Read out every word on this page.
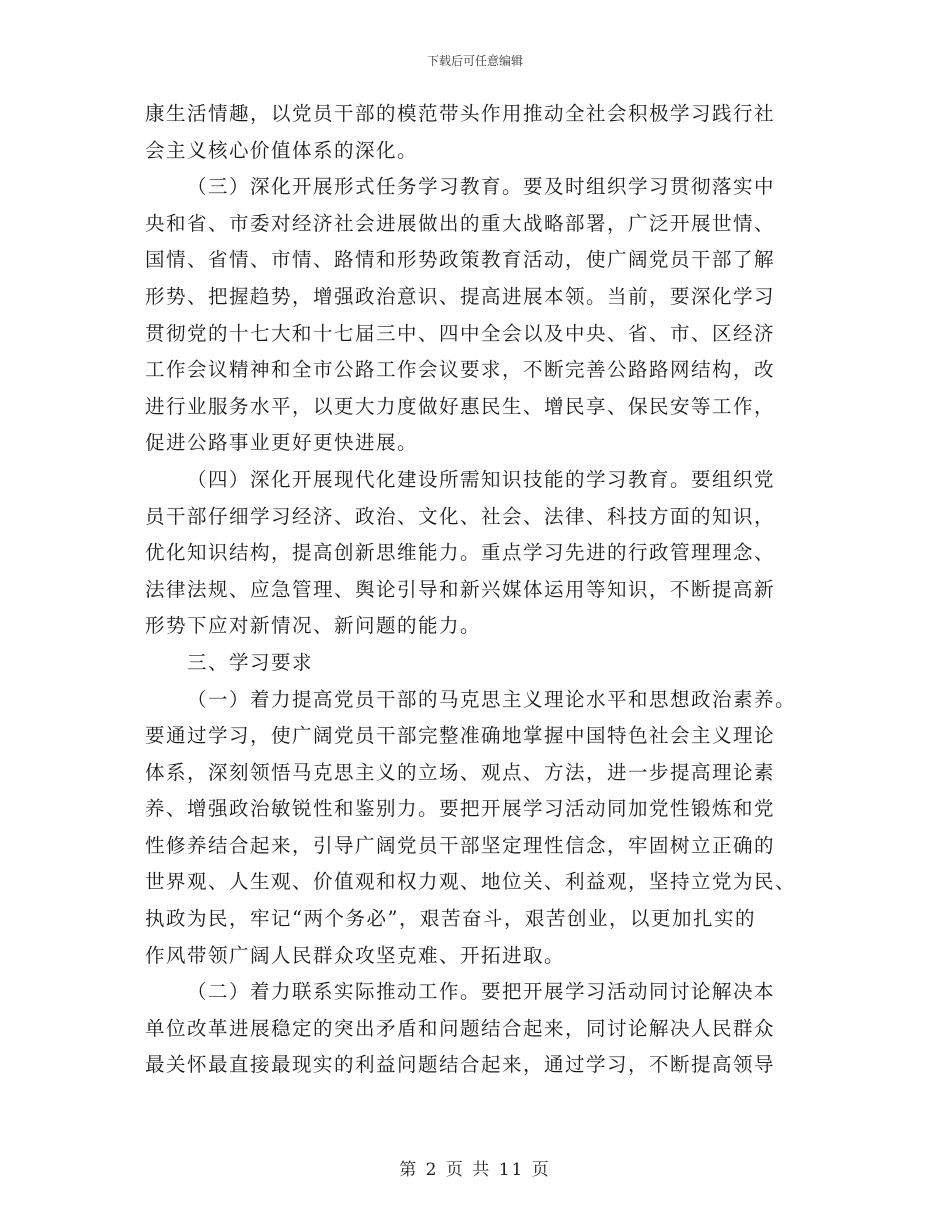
下载后可任意编辑
康生活情趣，以党员干部的模范带头作用推动全社会积极学习践行社
会主义核心价值体系的深化。
（三）深化开展形式任务学习教育。要及时组织学习贯彻落实中
央和省、市委对经济社会进展做出的重大战略部署，广泛开展世情、
国情、省情、市情、路情和形势政策教育活动，使广阔党员干部了解
形势、把握趋势，增强政治意识、提高进展本领。当前，要深化学习
贯彻党的十七大和十七届三中、四中全会以及中央、省、市、区经济
工作会议精神和全市公路工作会议要求，不断完善公路路网结构，改
进行业服务水平，以更大力度做好惠民生、增民享、保民安等工作，
促进公路事业更好更快进展。
（四）深化开展现代化建设所需知识技能的学习教育。要组织党
员干部仔细学习经济、政治、文化、社会、法律、科技方面的知识，
优化知识结构，提高创新思维能力。重点学习先进的行政管理理念、
法律法规、应急管理、舆论引导和新兴媒体运用等知识，不断提高新
形势下应对新情况、新问题的能力。
三、学习要求
（一）着力提高党员干部的马克思主义理论水平和思想政治素养。
要通过学习，使广阔党员干部完整准确地掌握中国特色社会主义理论
体系，深刻领悟马克思主义的立场、观点、方法，进一步提高理论素
养、增强政治敏锐性和鉴别力。要把开展学习活动同加党性锻炼和党
性修养结合起来，引导广阔党员干部坚定理性信念，牢固树立正确的
世界观、人生观、价值观和权力观、地位关、利益观，坚持立党为民、
执政为民，牢记“两个务必”，艰苦奋斗，艰苦创业，以更加扎实的
作风带领广阔人民群众攻坚克难、开拓进取。
（二）着力联系实际推动工作。要把开展学习活动同讨论解决本
单位改革进展稳定的突出矛盾和问题结合起来，同讨论解决人民群众
最关怀最直接最现实的利益问题结合起来，通过学习，不断提高领导
第 2 页 共 11 页
